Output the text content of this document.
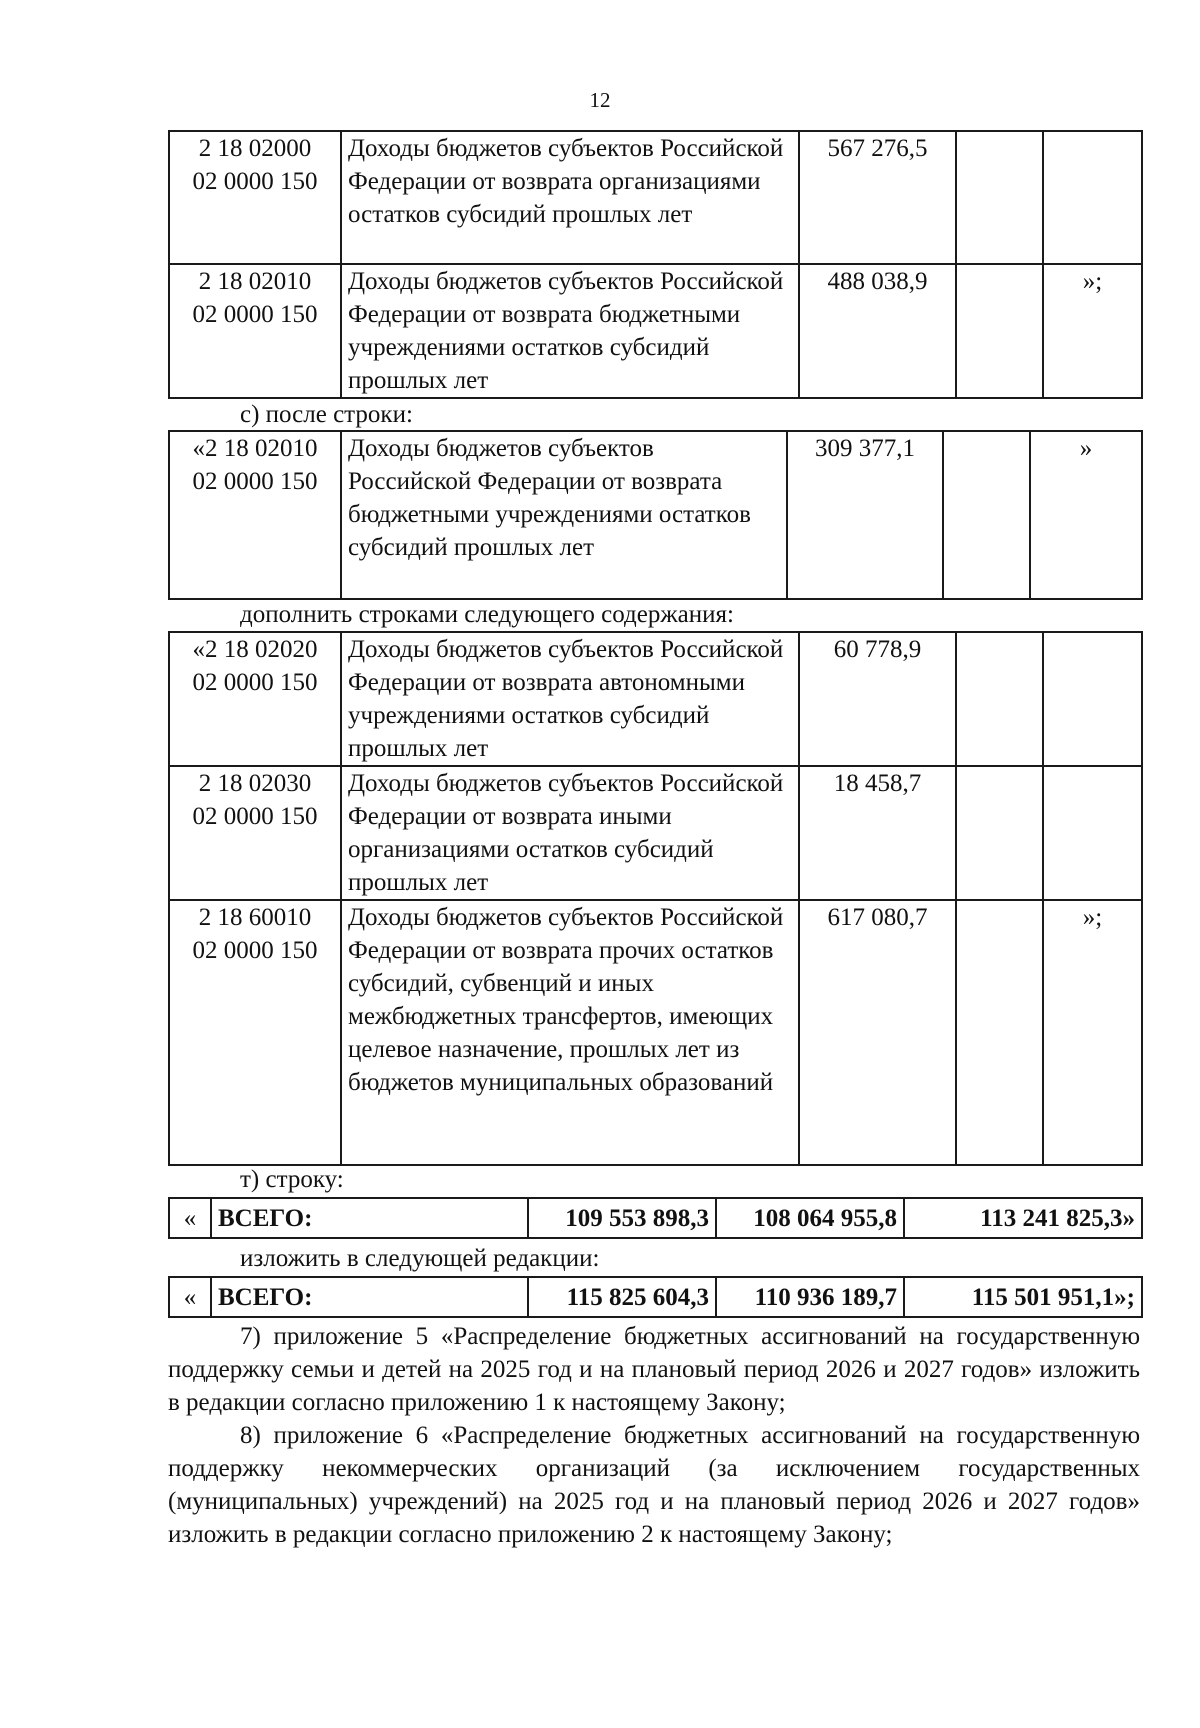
12
2 18 02000
02 0000 150	Доходы бюджетов субъектов Российской Федерации от возврата организациями остатков субсидий прошлых лет	567 276,5		
2 18 02010
02 0000 150	Доходы бюджетов субъектов Российской Федерации от возврата бюджетными учреждениями остатков субсидий прошлых лет	488 038,9		»;
с) после строки:
«2 18 02010
02 0000 150	Доходы бюджетов субъектов Российской Федерации от возврата бюджетными учреждениями остатков субсидий прошлых лет	309 377,1		»
дополнить строками следующего содержания:
«2 18 02020
02 0000 150	Доходы бюджетов субъектов Российской Федерации от возврата автономными учреждениями остатков субсидий прошлых лет	60 778,9		
2 18 02030
02 0000 150	Доходы бюджетов субъектов Российской Федерации от возврата иными организациями остатков субсидий прошлых лет	18 458,7		
2 18 60010
02 0000 150	Доходы бюджетов субъектов Российской Федерации от возврата прочих остатков субсидий, субвенций и иных межбюджетных трансфертов, имеющих целевое назначение, прошлых лет из бюджетов муниципальных образований	617 080,7		»;
т) строку:
«	ВСЕГО:	109 553 898,3	108 064 955,8	113 241 825,3»
изложить в следующей редакции:
«	ВСЕГО:	115 825 604,3	110 936 189,7	115 501 951,1»;

7) приложение 5 «Распределение бюджетных ассигнований на государственную поддержку семьи и детей на 2025 год и на плановый период 2026 и 2027 годов» изложить в редакции согласно приложению 1 к настоящему Закону;

8) приложение 6 «Распределение бюджетных ассигнований на государственную поддержку некоммерческих организаций (за исключением государственных (муниципальных) учреждений) на 2025 год и на плановый период 2026 и 2027 годов» изложить в редакции согласно приложению 2 к настоящему Закону;
